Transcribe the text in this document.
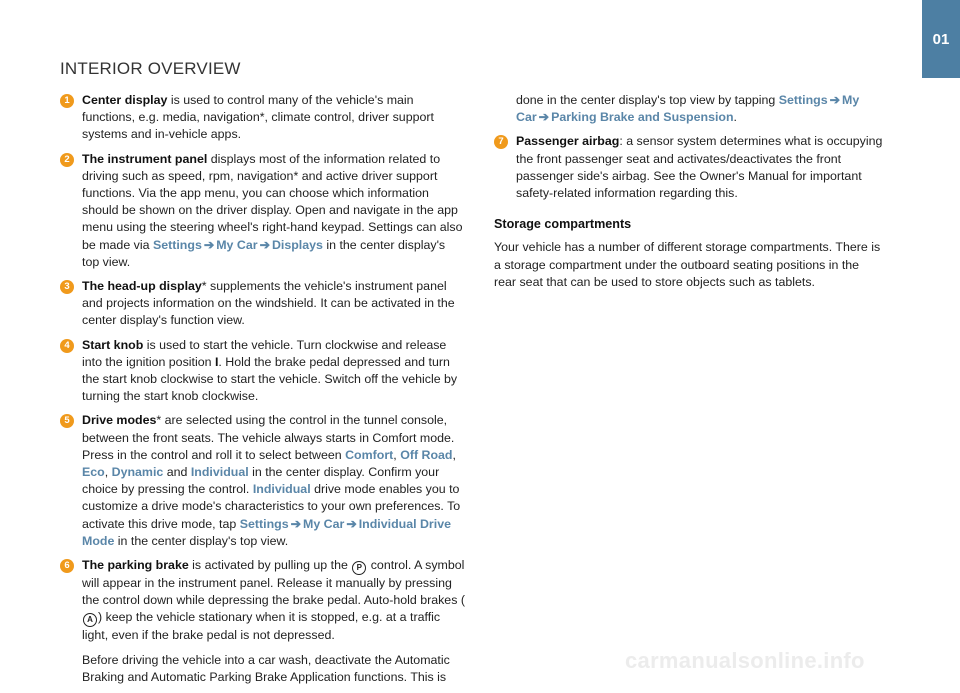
01
INTERIOR OVERVIEW
1 Center display is used to control many of the vehicle's main functions, e.g. media, navigation*, climate control, driver support systems and in-vehicle apps.

2 The instrument panel displays most of the information related to driving such as speed, rpm, navigation* and active driver support functions. Via the app menu, you can choose which information should be shown on the driver display. Open and navigate in the app menu using the steering wheel's right-hand keypad. Settings can also be made via Settings ➔ My Car ➔ Displays in the center display's top view.

3 The head-up display* supplements the vehicle's instrument panel and projects information on the windshield. It can be activated in the center display's function view.

4 Start knob is used to start the vehicle. Turn clockwise and release into the ignition position I. Hold the brake pedal depressed and turn the start knob clockwise to start the vehicle. Switch off the vehicle by turning the start knob clockwise.

5 Drive modes* are selected using the control in the tunnel console, between the front seats. The vehicle always starts in Comfort mode. Press in the control and roll it to select between Comfort, Off Road, Eco, Dynamic and Individual in the center display. Confirm your choice by pressing the control. Individual drive mode enables you to customize a drive mode's characteristics to your own preferences. To activate this drive mode, tap Settings ➔ My Car ➔ Individual Drive Mode in the center display's top view.

6 The parking brake is activated by pulling up the P control. A symbol will appear in the instrument panel. Release it manually by pressing the control down while depressing the brake pedal. Auto-hold brakes (A ) keep the vehicle stationary when it is stopped, e.g. at a traffic light, even if the brake pedal is not depressed.

Before driving the vehicle into a car wash, deactivate the Automatic Braking and Automatic Parking Brake Application functions. This is

done in the center display's top view by tapping Settings ➔ My Car ➔ Parking Brake and Suspension.

7 Passenger airbag: a sensor system determines what is occupying the front passenger seat and activates/deactivates the front passenger side's airbag. See the Owner's Manual for important safety-related information regarding this.

Storage compartments

Your vehicle has a number of different storage compartments. There is a storage compartment under the outboard seating positions in the rear seat that can be used to store objects such as tablets.

carmanualsonline.info
